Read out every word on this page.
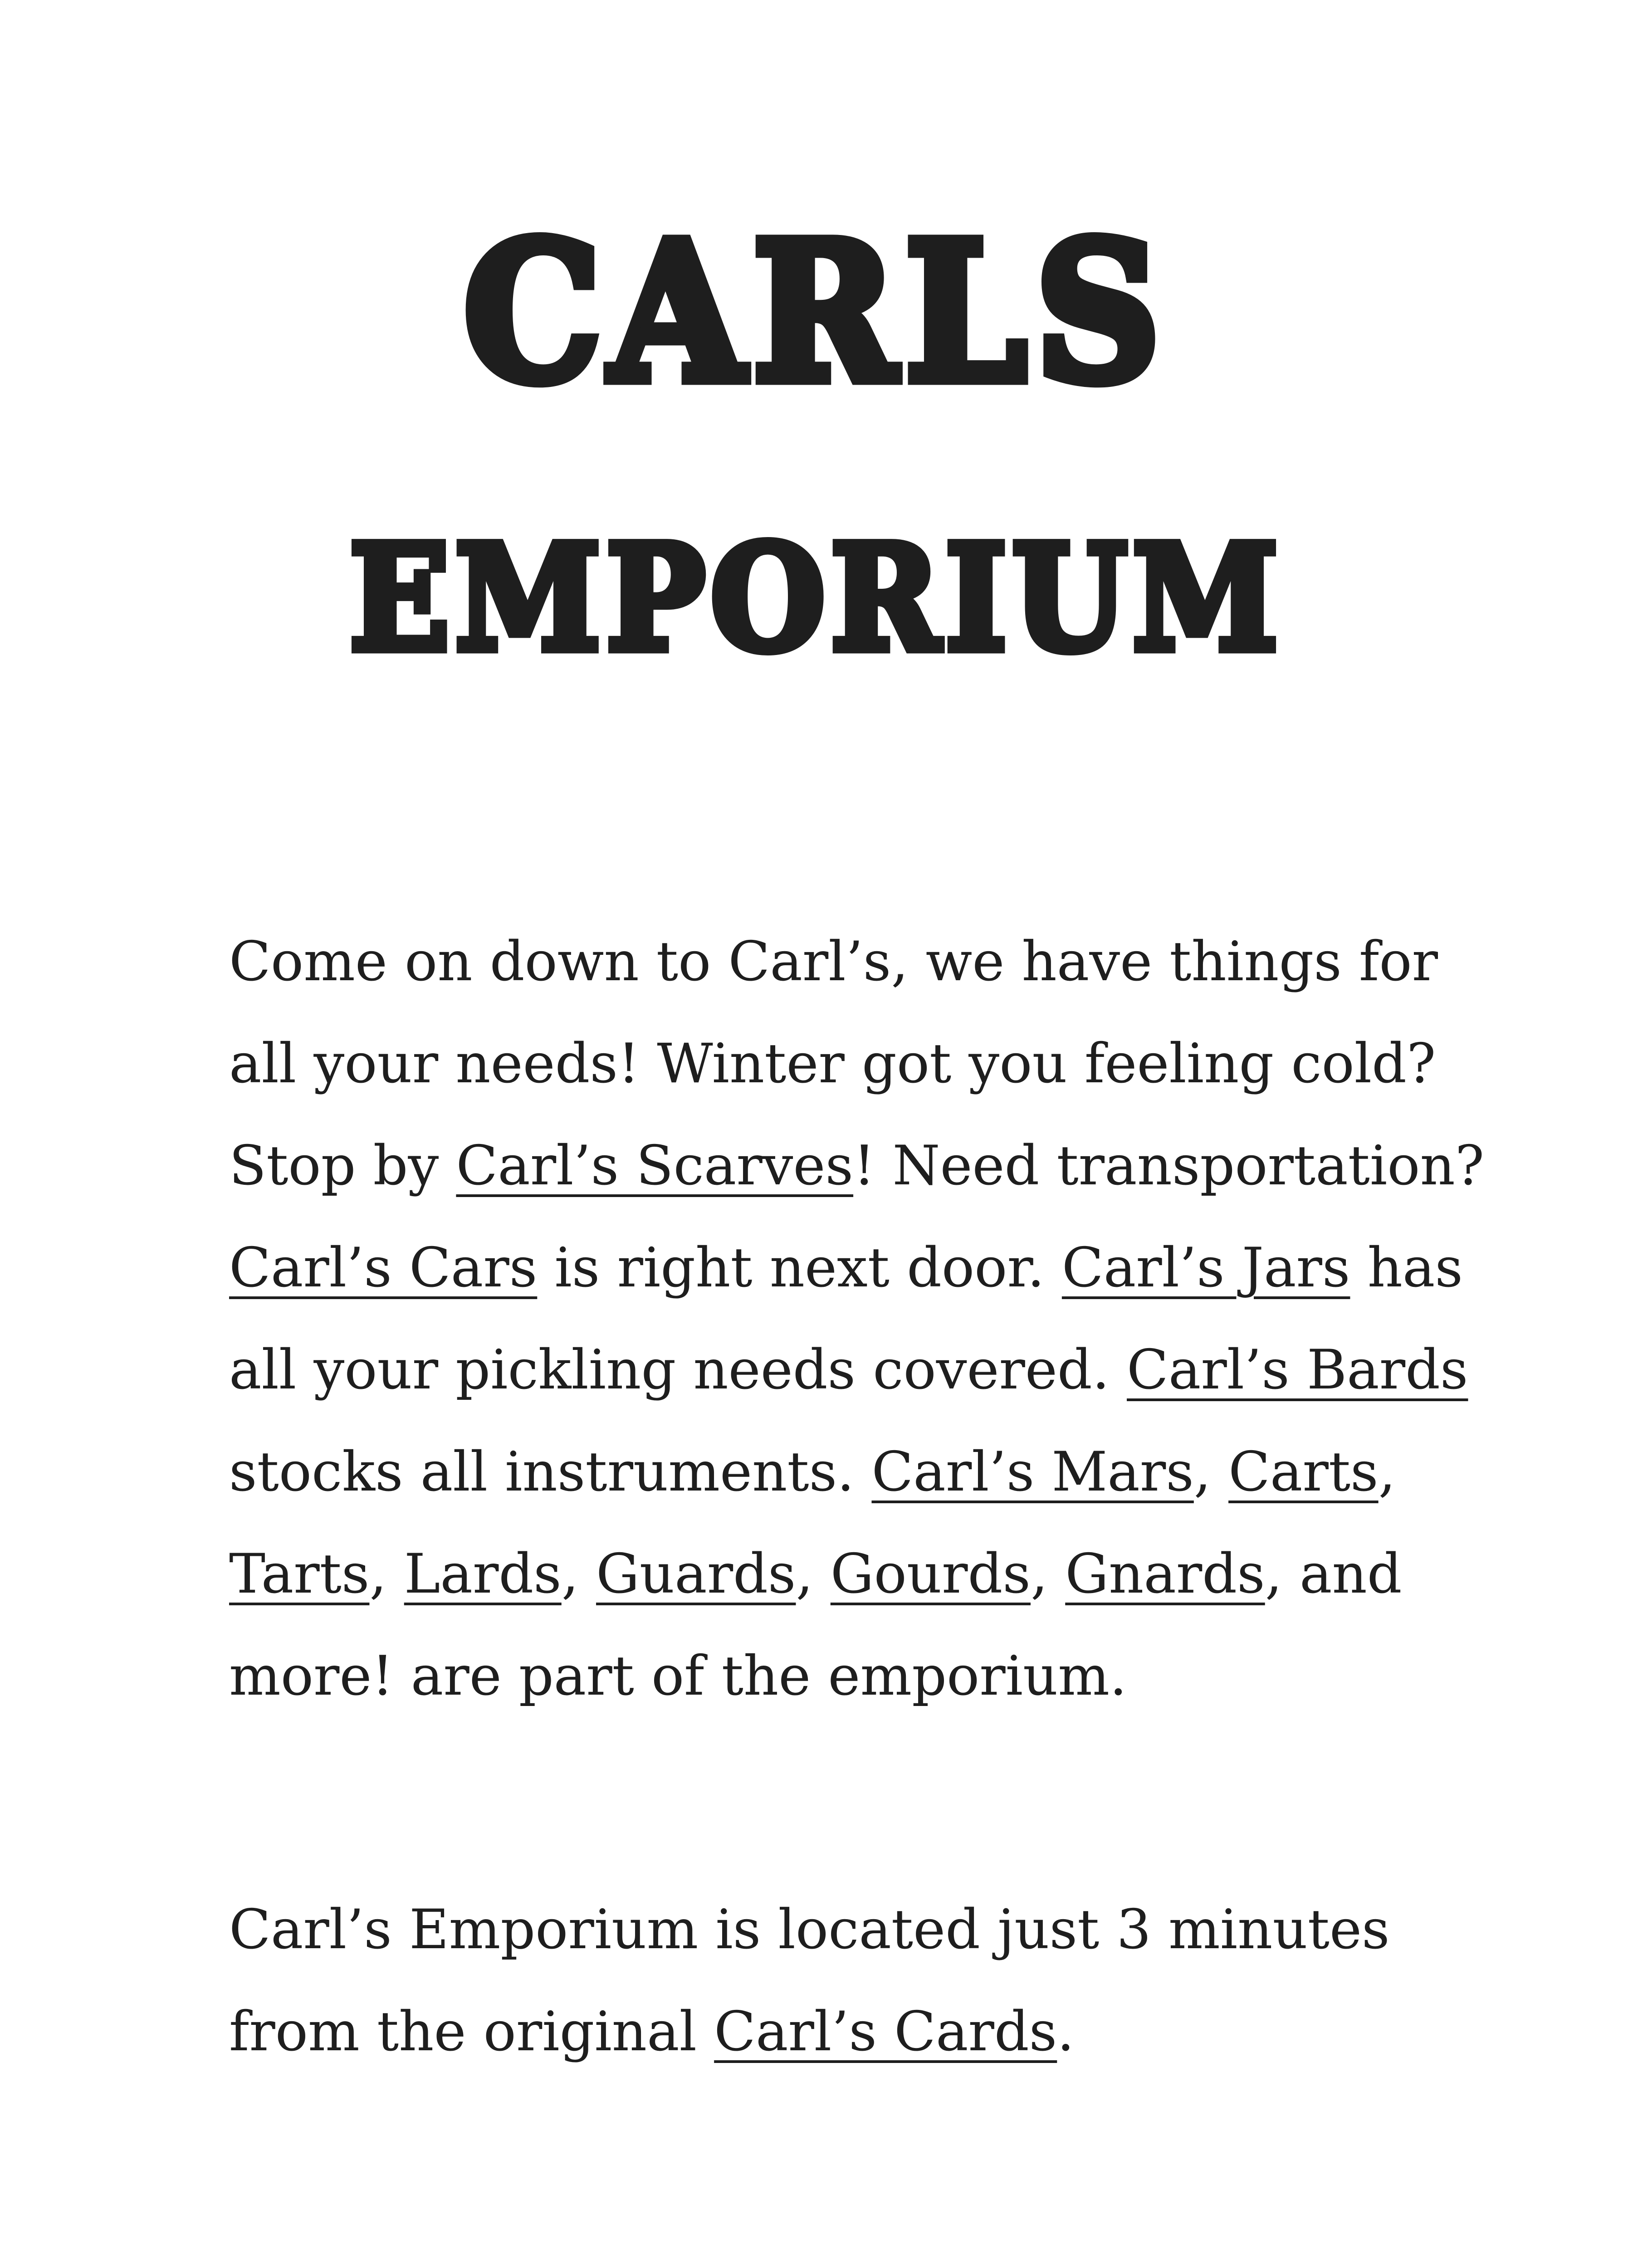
CARLS
EMPORIUM

Come on down to Carl’s, we have things for
all your needs! Winter got you feeling cold?
Stop by Carl’s Scarves! Need transportation?
Carl’s Cars is right next door. Carl’s Jars has
all your pickling needs covered. Carl’s Bards
stocks all instruments. Carl’s Mars, Carts,
Tarts, Lards, Guards, Gourds, Gnards, and
more! are part of the emporium.

Carl’s Emporium is located just 3 minutes
from the original Carl’s Cards.
